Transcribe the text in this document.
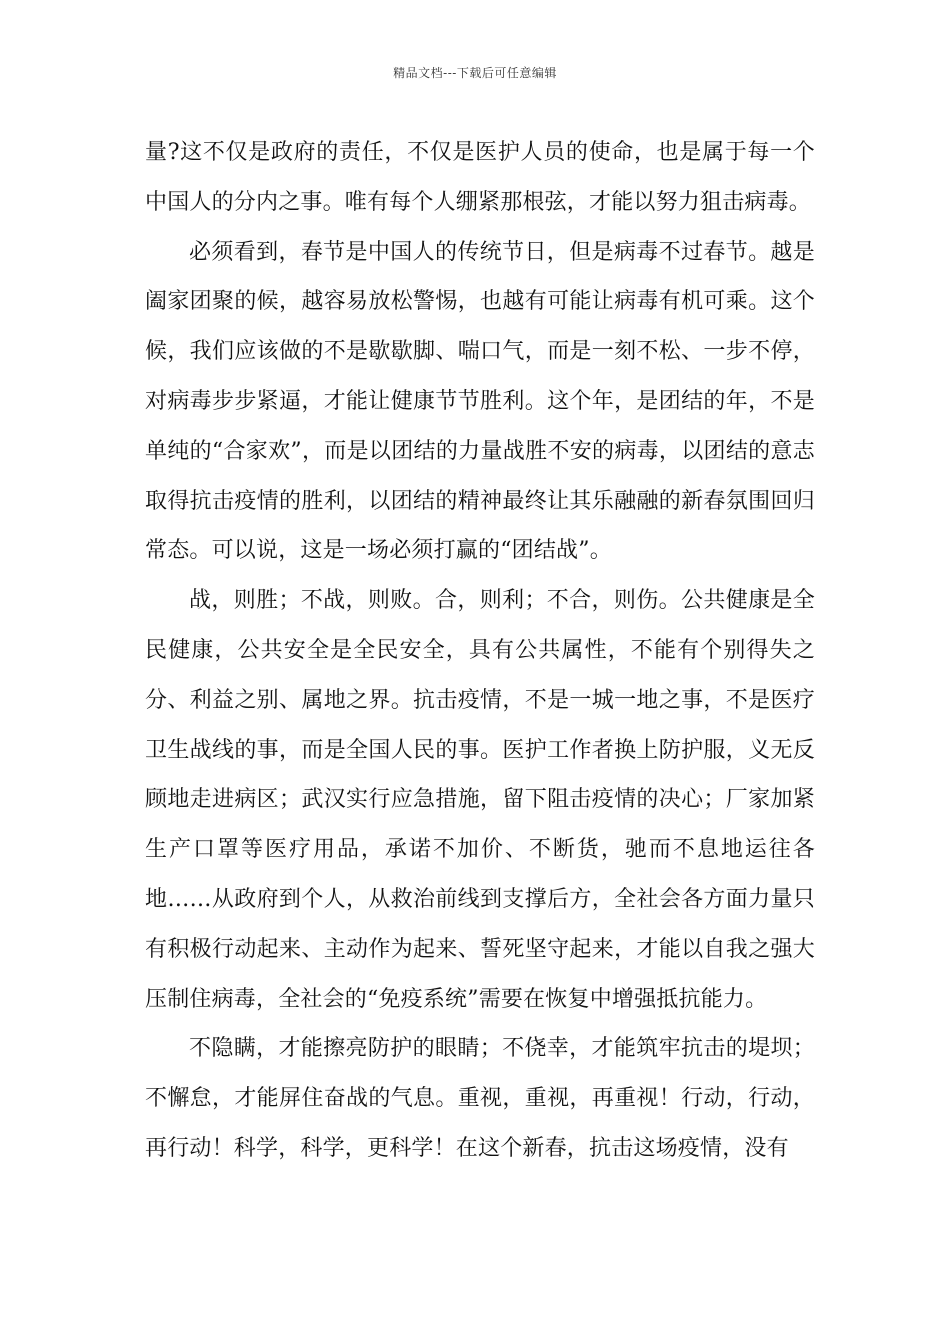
精品文档---下载后可任意编辑

量?这不仅是政府的责任，不仅是医护人员的使命，也是属于每一个中国人的分内之事。唯有每个人绷紧那根弦，才能以努力狙击病毒。

必须看到，春节是中国人的传统节日，但是病毒不过春节。越是阖家团聚的候，越容易放松警惕，也越有可能让病毒有机可乘。这个候，我们应该做的不是歇歇脚、喘口气，而是一刻不松、一步不停，对病毒步步紧逼，才能让健康节节胜利。这个年，是团结的年，不是单纯的“合家欢”，而是以团结的力量战胜不安的病毒，以团结的意志取得抗击疫情的胜利，以团结的精神最终让其乐融融的新春氛围回归常态。可以说，这是一场必须打赢的“团结战”。

战，则胜；不战，则败。合，则利；不合，则伤。公共健康是全民健康，公共安全是全民安全，具有公共属性，不能有个别得失之分、利益之别、属地之界。抗击疫情，不是一城一地之事，不是医疗卫生战线的事，而是全国人民的事。医护工作者换上防护服，义无反顾地走进病区；武汉实行应急措施，留下阻击疫情的决心；厂家加紧生产口罩等医疗用品，承诺不加价、不断货，驰而不息地运往各地……从政府到个人，从救治前线到支撑后方，全社会各方面力量只有积极行动起来、主动作为起来、誓死坚守起来，才能以自我之强大压制住病毒，全社会的“免疫系统”需要在恢复中增强抵抗能力。

不隐瞒，才能擦亮防护的眼睛；不侥幸，才能筑牢抗击的堤坝；不懈怠，才能屏住奋战的气息。重视，重视，再重视！行动，行动，再行动！科学，科学，更科学！在这个新春，抗击这场疫情，没有
